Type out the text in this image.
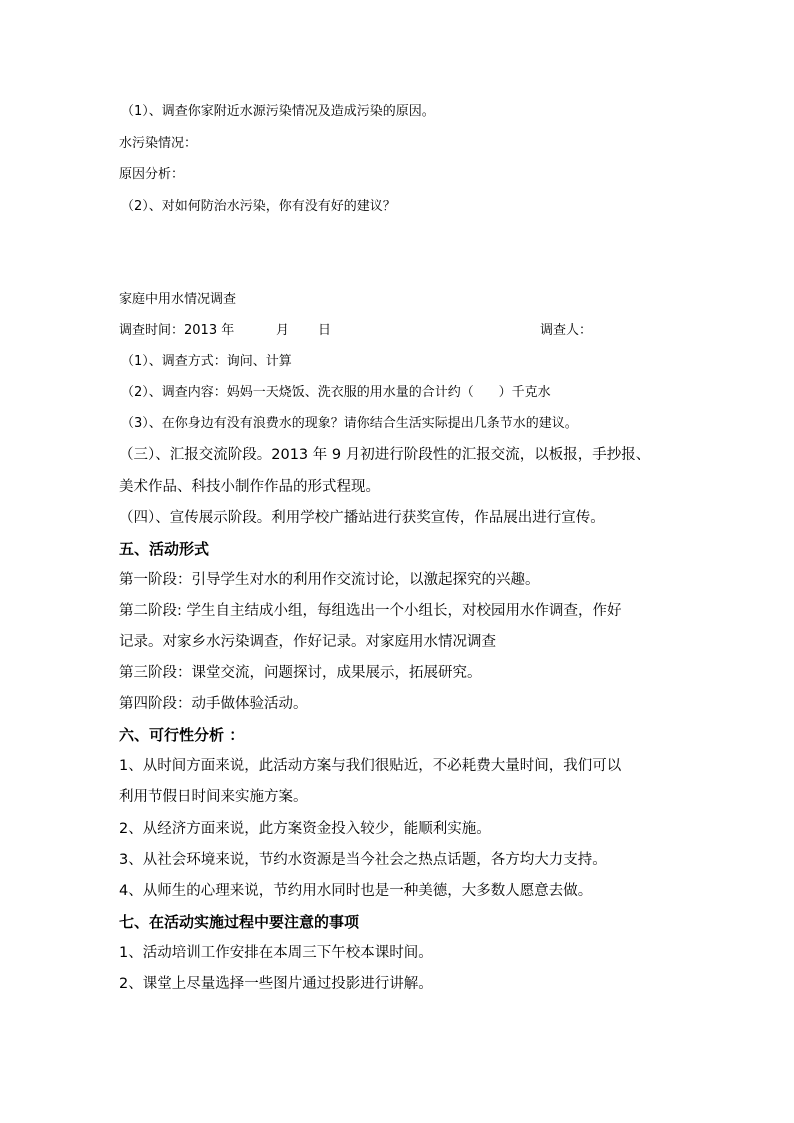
（1）、调查你家附近水源污染情况及造成污染的原因。
水污染情况：
原因分析：
（2）、对如何防治水污染，你有没有好的建议？
家庭中用水情况调查
调查时间：2013 年	月 日	调查人：
（1）、调查方式：询问、计算
（2）、调查内容：妈妈一天烧饭、洗衣服的用水量的合计约（      ）千克水
（3）、在你身边有没有浪费水的现象？请你结合生活实际提出几条节水的建议。
（三）、汇报交流阶段。2013 年 9 月初进行阶段性的汇报交流，以板报，手抄报、
美术作品、科技小制作作品的形式程现。
（四）、宣传展示阶段。利用学校广播站进行获奖宣传，作品展出进行宣传。
五、活动形式
第一阶段：引导学生对水的利用作交流讨论，以激起探究的兴趣。
第二阶段: 学生自主结成小组，每组选出一个小组长，对校园用水作调查，作好
记录。对家乡水污染调查，作好记录。对家庭用水情况调查
第三阶段：课堂交流，问题探讨，成果展示，拓展研究。
第四阶段：动手做体验活动。
六、可行性分析 ：
1、从时间方面来说，此活动方案与我们很贴近，不必耗费大量时间，我们可以
利用节假日时间来实施方案。
2、从经济方面来说，此方案资金投入较少，能顺利实施。
3、从社会环境来说，节约水资源是当今社会之热点话题，各方均大力支持。
4、从师生的心理来说，节约用水同时也是一种美德，大多数人愿意去做。
七、在活动实施过程中要注意的事项
1、活动培训工作安排在本周三下午校本课时间。
2、课堂上尽量选择一些图片通过投影进行讲解。
